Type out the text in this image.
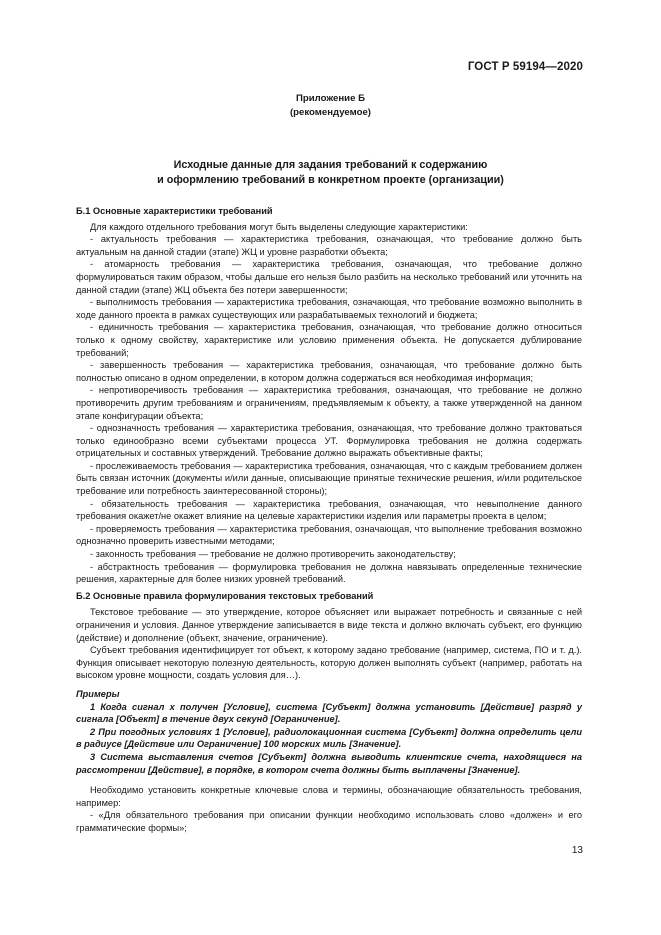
ГОСТ Р 59194—2020
Приложение Б
(рекомендуемое)
Исходные данные для задания требований к содержанию
и оформлению требований в конкретном проекте (организации)

Б.1 Основные характеристики требований

Для каждого отдельного требования могут быть выделены следующие характеристики:

- актуальность требования — характеристика требования, означающая, что требование должно быть актуальным на данной стадии (этапе) ЖЦ и уровне разработки объекта;

- атомарность требования — характеристика требования, означающая, что требование должно формулироваться таким образом, чтобы дальше его нельзя было разбить на несколько требований или уточнить на данной стадии (этапе) ЖЦ объекта без потери завершенности;

- выполнимость требования — характеристика требования, означающая, что требование возможно выполнить в ходе данного проекта в рамках существующих или разрабатываемых технологий и бюджета;

- единичность требования — характеристика требования, означающая, что требование должно относиться только к одному свойству, характеристике или условию применения объекта. Не допускается дублирование требований;

- завершенность требования — характеристика требования, означающая, что требование должно быть полностью описано в одном определении, в котором должна содержаться вся необходимая информация;

- непротиворечивость требования — характеристика требования, означающая, что требование не должно противоречить другим требованиям и ограничениям, предъявляемым к объекту, а также утвержденной на данном этапе конфигурации объекта;

- однозначность требования — характеристика требования, означающая, что требование должно трактоваться только единообразно всеми субъектами процесса УТ. Формулировка требования не должна содержать отрицательных и составных утверждений. Требование должно выражать объективные факты;

- прослеживаемость требования — характеристика требования, означающая, что с каждым требованием должен быть связан источник (документы и/или данные, описывающие принятые технические решения, и/или родительское требование или потребность заинтересованной стороны);

- обязательность требования — характеристика требования, означающая, что невыполнение данного требования окажет/не окажет влияние на целевые характеристики изделия или параметры проекта в целом;

- проверяемость требования — характеристика требования, означающая, что выполнение требования возможно однозначно проверить известными методами;

- законность требования — требование не должно противоречить законодательству;

- абстрактность требования — формулировка требования не должна навязывать определенные технические решения, характерные для более низких уровней требований.

Б.2 Основные правила формулирования текстовых требований

Текстовое требование — это утверждение, которое объясняет или выражает потребность и связанные с ней ограничения и условия. Данное утверждение записывается в виде текста и должно включать субъект, его функцию (действие) и дополнение (объект, значение, ограничение).

Субъект требования идентифицирует тот объект, к которому задано требование (например, система, ПО и т. д.). Функция описывает некоторую полезную деятельность, которую должен выполнять субъект (например, работать на высоком уровне мощности, создать условия для…).

Примеры

1 Когда сигнал x получен [Условие], система [Субъект] должна установить [Действие] разряд у сигнала [Объект] в течение двух секунд [Ограничение].

2 При погодных условиях 1 [Условие], радиолокационная система [Субъект] должна определить цели в радиусе [Действие или Ограничение] 100 морских миль [Значение].

3 Система выставления счетов [Субъект] должна выводить клиентские счета, находящиеся на рассмотрении [Действие], в порядке, в котором счета должны быть выплачены [Значение].

Необходимо установить конкретные ключевые слова и термины, обозначающие обязательность требования, например:

- «Для обязательного требования при описании функции необходимо использовать слово «должен» и его грамматические формы»;

13
